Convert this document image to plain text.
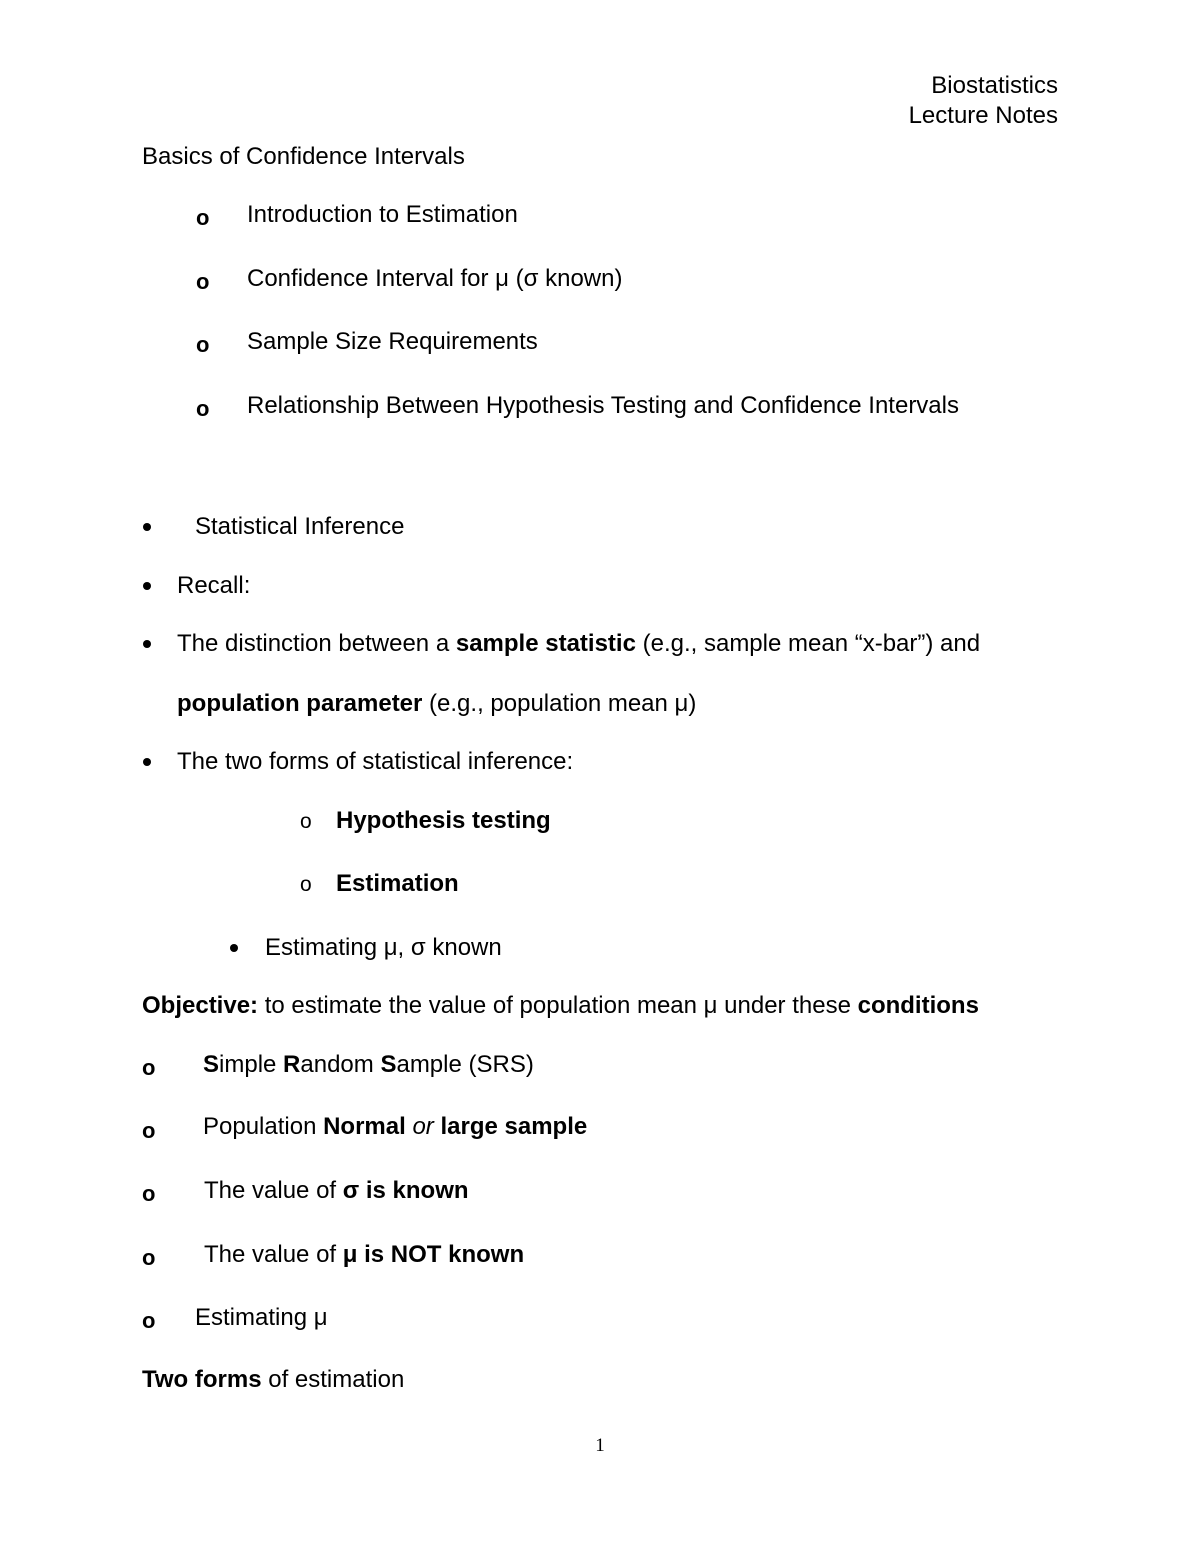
Biostatistics
Lecture Notes
Basics of Confidence Intervals
o Introduction to Estimation
o Confidence Interval for μ (σ known)
o Sample Size Requirements
o Relationship Between Hypothesis Testing and Confidence Intervals
Statistical Inference
Recall:
The distinction between a sample statistic (e.g., sample mean “x-bar”) and
population parameter (e.g., population mean μ)
The two forms of statistical inference:
o Hypothesis testing
o Estimation
Estimating μ, σ known
Objective: to estimate the value of population mean μ under these conditions
o Simple Random Sample (SRS)
o Population Normal or large sample
o The value of σ is known
o The value of μ is NOT known
o Estimating μ
Two forms of estimation
1
